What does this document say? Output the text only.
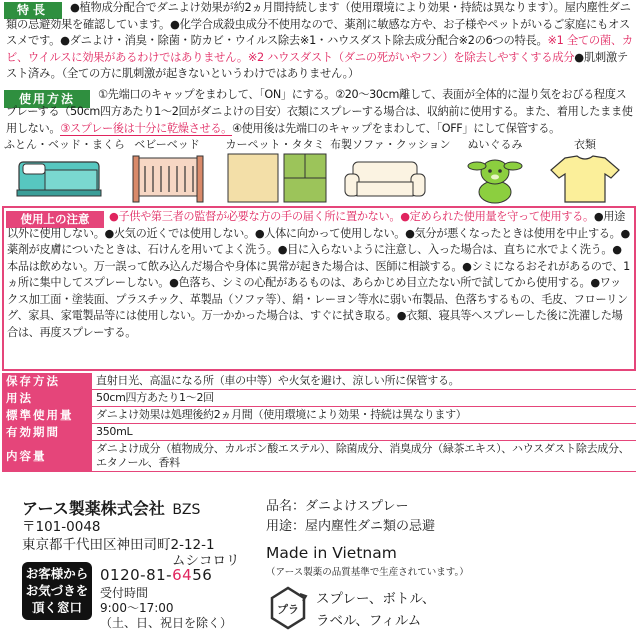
特長	●植物成分配合でダニよけ効果が約2ヵ月間持続します（使用環境により効果・持続は異なります）。屋内塵性ダニ類の忌避効果を確認しています。●化学合成殺虫成分不使用なので、薬剤に敏感な方や、お子様やペットがいるご家庭にもオススメです。●ダニよけ・消臭・除菌・防カビ・ウイルス除去※1・ハウスダスト除去成分配合※2の6つの特長。※1 全ての菌、カビ、ウイルスに効果があるわけではありません。※2 ハウスダスト（ダニの死がいやフン）を除去しやすくする成分●肌刺激テスト済み。（全ての方に肌刺激が起きないというわけではありません。）

使用方法	①先端口のキャップをまわして、「ON」にする。②20〜30cm離して、表面が全体的に湿り気をおびる程度スプレーする（50cm四方あたり1〜2回がダニよけの目安）衣類にスプレーする場合は、収納前に使用する。また、着用したまま使用しない。③スプレー後は十分に乾燥させる。④使用後は先端口のキャップをまわして、「OFF」にして保管する。

ふとん・ベッド・まくら ベビーベッド	カーペット・タタミ 布製ソファ・クッション	ぬいぐるみ	衣類
使用上の注意	●子供や第三者の監督が必要な方の手の届く所に置かない。●定められた使用量を守って使用する。●用途以外に使用しない。●火気の近くでは使用しない。●人体に向かって使用しない。●気分が悪くなったときは使用を中止する。●薬剤が皮膚についたときは、石けんを用いてよく洗う。●目に入らないように注意し、入った場合は、直ちに水でよく洗う。●本品は飲めない。万一誤って飲み込んだ場合や身体に異常が起きた場合は、医師に相談する。●シミになるおそれがあるので、1ヵ所に集中してスプレーしない。●色落ち、シミの心配があるものは、あらかじめ目立たない所で試してから使用する。●ワックス加工面・塗装面、プラスチック、革製品（ソファ等）、絹・レーヨン等水に弱い布製品、色落ちするもの、毛皮、フローリング、家具、家電製品等には使用しない。万一かかった場合は、すぐに拭き取る。●衣類、寝具等へスプレーした後に洗濯した場合は、再度スプレーする。

保存方法	直射日光、高温になる所（車の中等）や火気を避け、涼しい所に保管する。
用法	50cm四方あたり1〜2回
標準使用量	ダニよけ効果は処理後約2ヵ月間（使用環境により効果・持続は異なります）
有効期間	350mL
内容量	ダニよけ成分（植物成分、カルボン酸エステル）、除菌成分、消臭成分（緑茶エキス）、ハウスダスト除去成分、エタノール、香料
アース製薬株式会社 BZS
〒101-0048
東京都千代田区神田司町2-12-1
ムシコロリ
お客様から
お気づきを
頂く窓口
0120-81-6456
受付時間
9:00〜17:00
（土、日、祝日を除く）
品名：ダニよけスプレー
用途：屋内塵性ダニ類の忌避
Made in Vietnam
（アース製薬の品質基準で生産されています。）
プラ
スプレー、ボトル、
ラベル、フィルム
